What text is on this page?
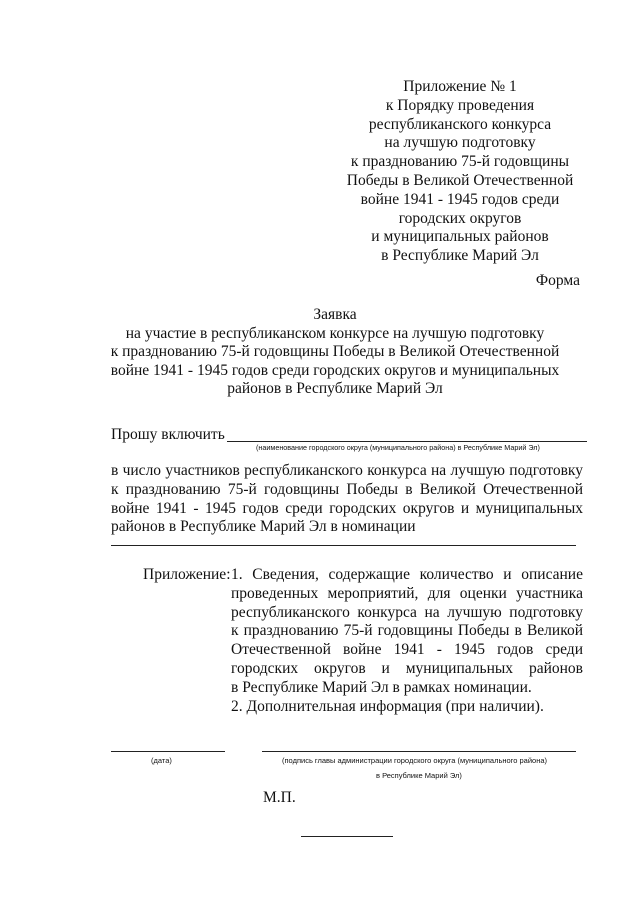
Приложение № 1
к Порядку проведения
республиканского конкурса
на лучшую подготовку
к празднованию 75-й годовщины
Победы в Великой Отечественной
войне 1941 - 1945 годов среди
городских округов
и муниципальных районов
в Республике Марий Эл
Форма
Заявка
на участие в республиканском конкурсе на лучшую подготовку
к празднованию 75-й годовщины Победы в Великой Отечественной
войне 1941 - 1945 годов среди городских округов и муниципальных
районов в Республике Марий Эл
Прошу включить
(наименование городского округа (муниципального района) в Республике Марий Эл)
в число участников республиканского конкурса на лучшую подготовку
к празднованию 75-й годовщины Победы в Великой Отечественной
войне 1941 - 1945 годов среди городских округов и муниципальных
районов в Республике Марий Эл в номинации
Приложение: 1. Сведения, содержащие количество и описание
проведенных мероприятий, для оценки участника
республиканского конкурса на лучшую подготовку
к празднованию 75-й годовщины Победы в Великой
Отечественной войне 1941 - 1945 годов среди
городских округов и муниципальных районов
в Республике Марий Эл в рамках номинации.
2. Дополнительная информация (при наличии).
(дата)	(подпись главы администрации городского округа (муниципального района)
в Республике Марий Эл)
М.П.
